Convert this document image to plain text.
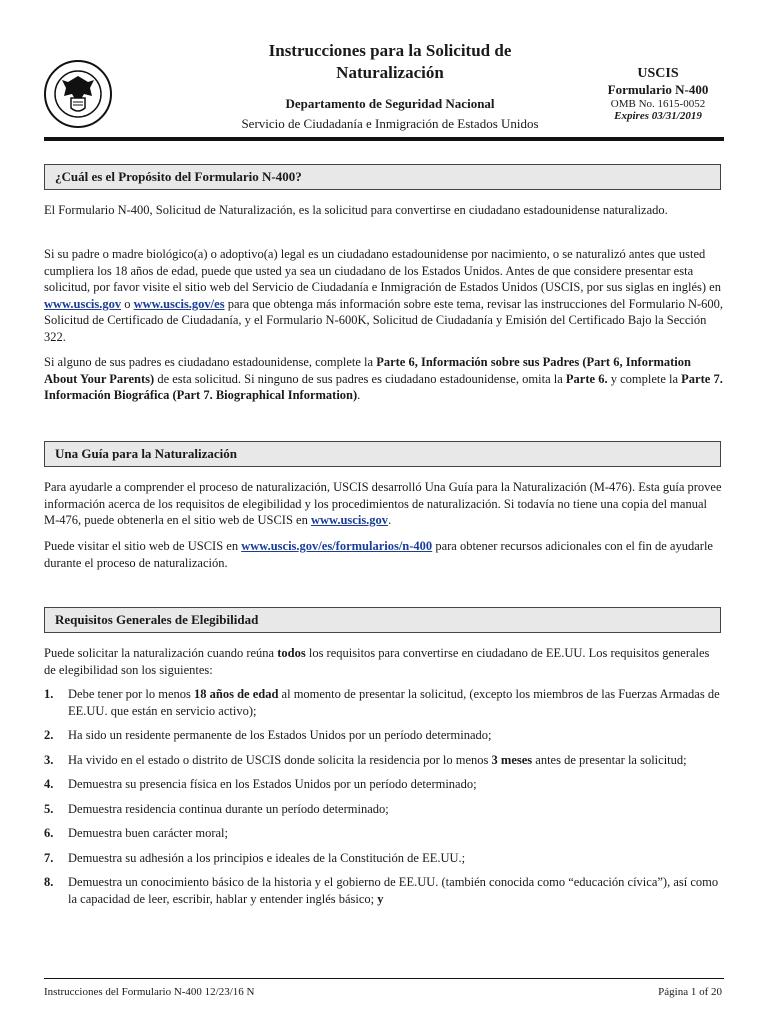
Instrucciones para la Solicitud de
Naturalización
Departamento de Seguridad Nacional
Servicio de Ciudadanía e Inmigración de Estados Unidos
USCIS
Formulario N-400
OMB No. 1615-0052
Expires 03/31/2019
¿Cuál es el Propósito del Formulario N-400?
El Formulario N-400, Solicitud de Naturalización, es la solicitud para convertirse en ciudadano estadounidense naturalizado.
Si su padre o madre biológico(a) o adoptivo(a) legal es un ciudadano estadounidense por nacimiento, o se naturalizó antes que usted cumpliera los 18 años de edad, puede que usted ya sea un ciudadano de los Estados Unidos. Antes de que considere presentar esta solicitud, por favor visite el sitio web del Servicio de Ciudadanía e Inmigración de Estados Unidos (USCIS, por sus siglas en inglés) en www.uscis.gov o www.uscis.gov/es para que obtenga más información sobre este tema, revisar las instrucciones del Formulario N-600, Solicitud de Certificado de Ciudadanía, y el Formulario N-600K, Solicitud de Ciudadanía y Emisión del Certificado Bajo la Sección 322.
Si alguno de sus padres es ciudadano estadounidense, complete la Parte 6, Información sobre sus Padres (Part 6, Information About Your Parents) de esta solicitud. Si ninguno de sus padres es ciudadano estadounidense, omita la Parte 6. y complete la Parte 7. Información Biográfica (Part 7. Biographical Information).
Una Guía para la Naturalización
Para ayudarle a comprender el proceso de naturalización, USCIS desarrolló Una Guía para la Naturalización (M-476). Esta guía provee información acerca de los requisitos de elegibilidad y los procedimientos de naturalización. Si todavía no tiene una copia del manual M-476, puede obtenerla en el sitio web de USCIS en www.uscis.gov.
Puede visitar el sitio web de USCIS en www.uscis.gov/es/formularios/n-400 para obtener recursos adicionales con el fin de ayudarle durante el proceso de naturalización.
Requisitos Generales de Elegibilidad
Puede solicitar la naturalización cuando reúna todos los requisitos para convertirse en ciudadano de EE.UU. Los requisitos generales de elegibilidad son los siguientes:
1.	Debe tener por lo menos 18 años de edad al momento de presentar la solicitud, (excepto los miembros de las Fuerzas Armadas de EE.UU. que están en servicio activo);
2.	Ha sido un residente permanente de los Estados Unidos por un período determinado;
3.	Ha vivido en el estado o distrito de USCIS donde solicita la residencia por lo menos 3 meses antes de presentar la solicitud;
4.	Demuestra su presencia física en los Estados Unidos por un período determinado;
5.	Demuestra residencia continua durante un período determinado;
6.	Demuestra buen carácter moral;
7.	Demuestra su adhesión a los principios e ideales de la Constitución de EE.UU.;
8.	Demuestra un conocimiento básico de la historia y el gobierno de EE.UU. (también conocida como “educación cívica”), así como la capacidad de leer, escribir, hablar y entender inglés básico; y
Instrucciones del Formulario N-400 12/23/16 N	Página 1 of 20
